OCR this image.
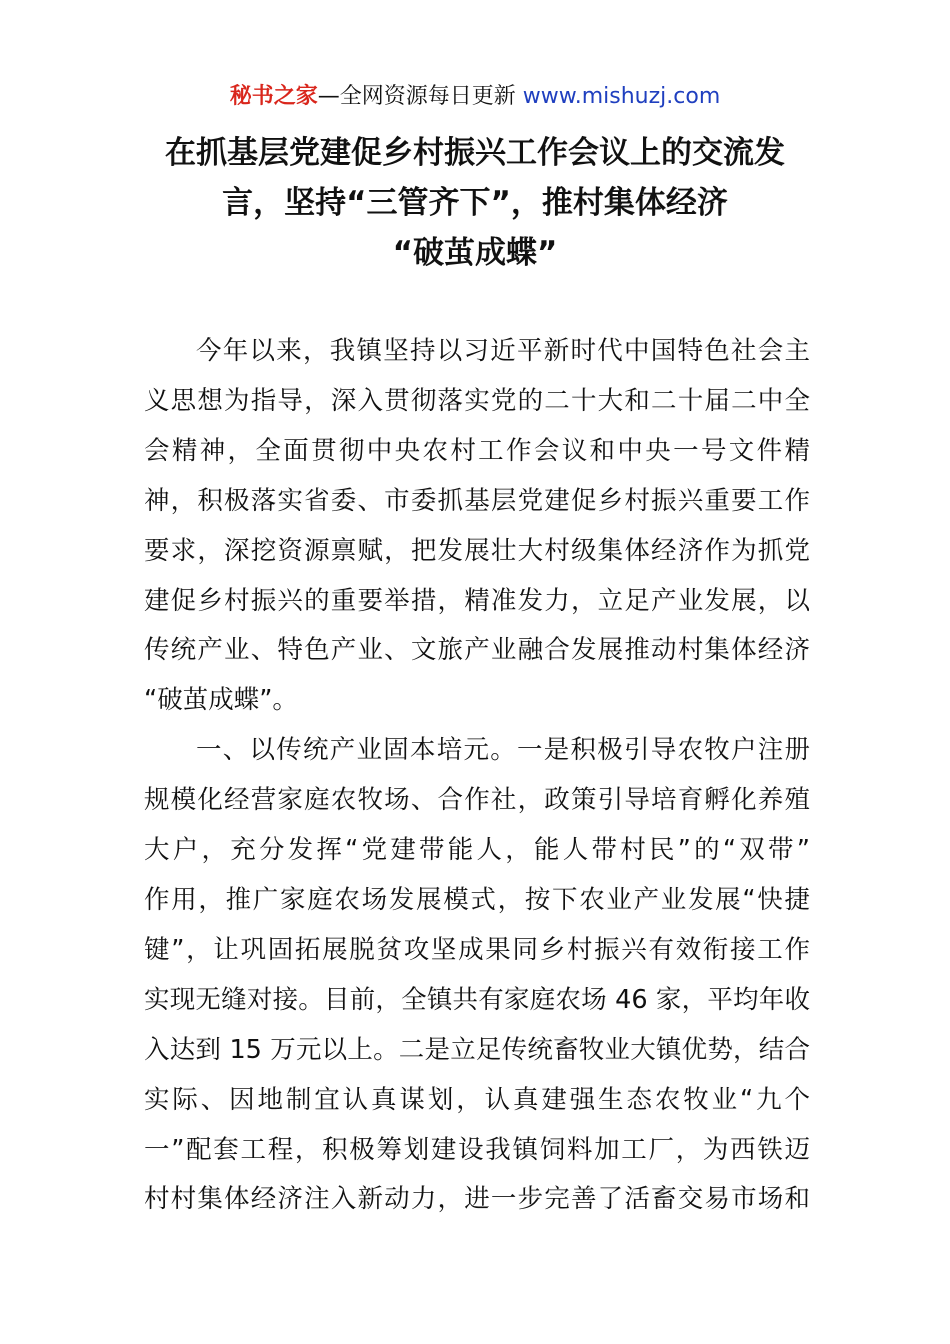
秘书之家—全网资源每日更新 www.mishuzj.com
在抓基层党建促乡村振兴工作会议上的交流发
言，坚持“三管齐下”，推村集体经济
“破茧成蝶”
今年以来，我镇坚持以习近平新时代中国特色社会主
义思想为指导，深入贯彻落实党的二十大和二十届二中全
会精神，全面贯彻中央农村工作会议和中央一号文件精
神，积极落实省委、市委抓基层党建促乡村振兴重要工作
要求，深挖资源禀赋，把发展壮大村级集体经济作为抓党
建促乡村振兴的重要举措，精准发力，立足产业发展，以
传统产业、特色产业、文旅产业融合发展推动村集体经济
“破茧成蝶”。
一、以传统产业固本培元。一是积极引导农牧户注册
规模化经营家庭农牧场、合作社，政策引导培育孵化养殖
大户，充分发挥“党建带能人，能人带村民”的“双带”
作用，推广家庭农场发展模式，按下农业产业发展“快捷
键”，让巩固拓展脱贫攻坚成果同乡村振兴有效衔接工作
实现无缝对接。目前，全镇共有家庭农场 46 家，平均年收
入达到 15 万元以上。二是立足传统畜牧业大镇优势，结合
实际、因地制宜认真谋划，认真建强生态农牧业“九个
一”配套工程，积极筹划建设我镇饲料加工厂，为西铁迈
村村集体经济注入新动力，进一步完善了活畜交易市场和
